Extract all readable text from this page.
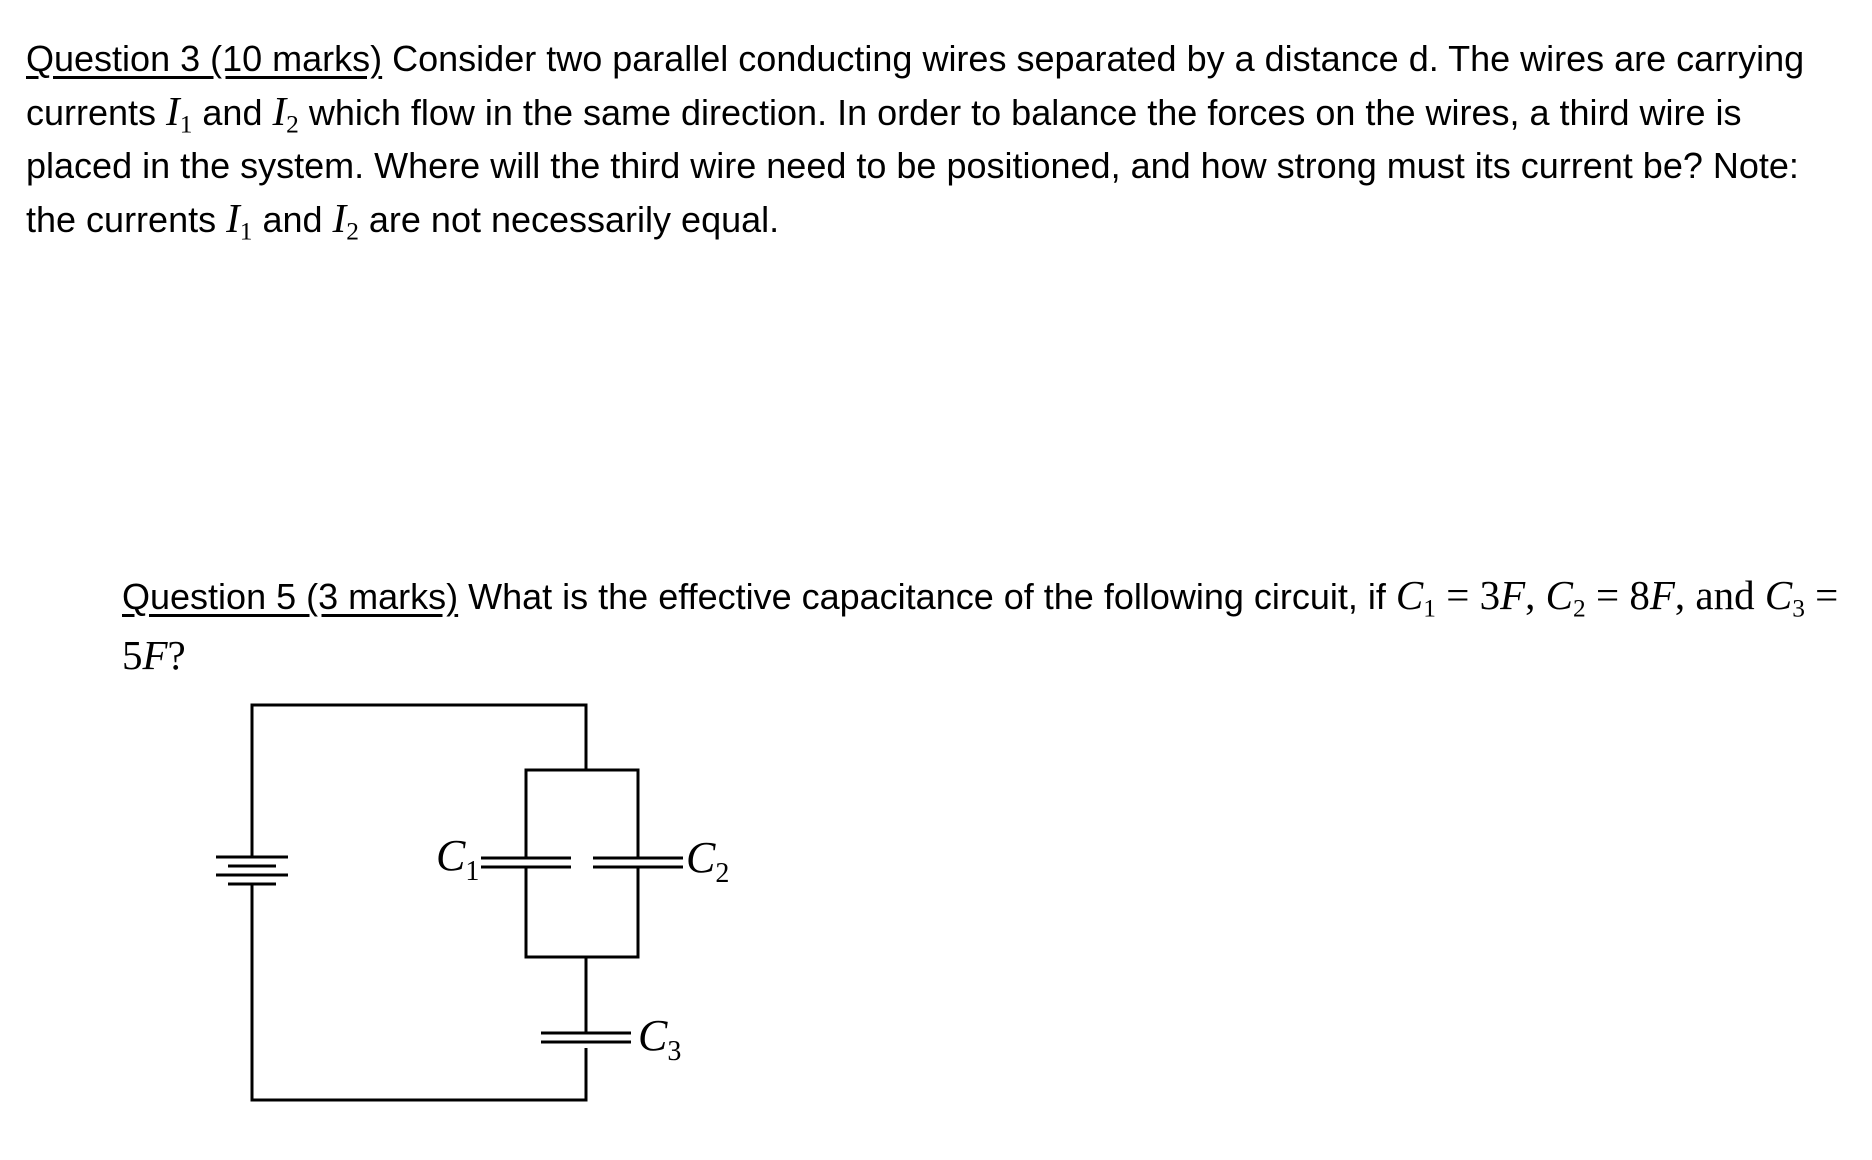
Question 3 (10 marks) Consider two parallel conducting wires separated by a distance d. The wires are carrying currents $I_1$ and $I_2$ which flow in the same direction. In order to balance the forces on the wires, a third wire is placed in the system. Where will the third wire need to be positioned, and how strong must its current be? Note: the currents $I_1$ and $I_2$ are not necessarily equal.
Question 5 (3 marks) What is the effective capacitance of the following circuit, if $C_1 = 3F$, $C_2 = 8F$, and $C_3 = 5F$?
$C_1$	$C_2$
$C_3$
